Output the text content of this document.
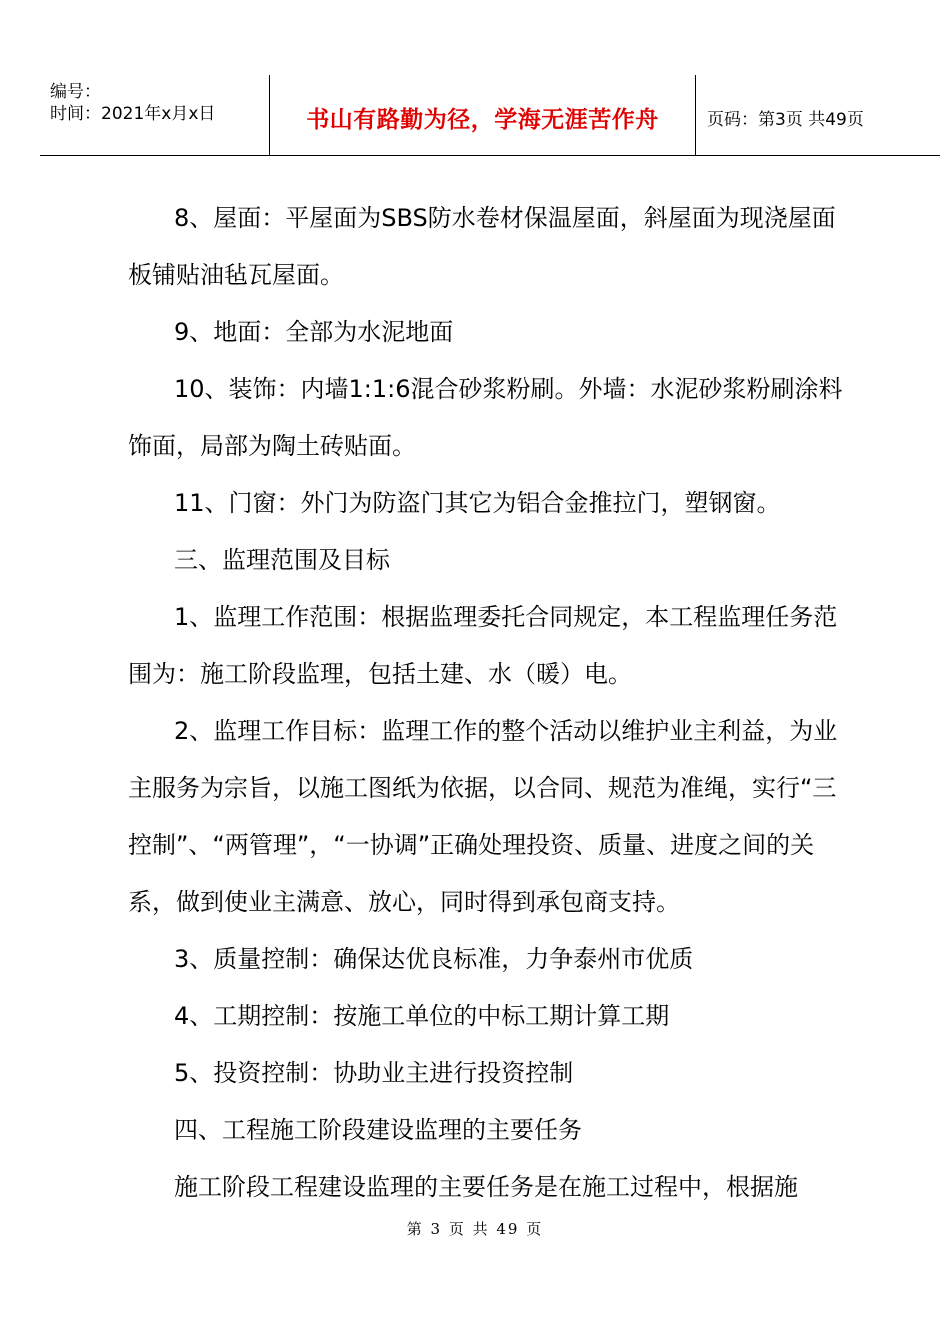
编号：
时间：2021年x月x日	书山有路勤为径，学海无涯苦作舟	页码：第3页 共49页

8、屋面：平屋面为SBS防水卷材保温屋面，斜屋面为现浇屋面板铺贴油毡瓦屋面。

9、地面：全部为水泥地面

10、装饰：内墙1:1:6混合砂浆粉刷。外墙：水泥砂浆粉刷涂料饰面，局部为陶土砖贴面。

11、门窗：外门为防盗门其它为铝合金推拉门，塑钢窗。

三、监理范围及目标

1、监理工作范围：根据监理委托合同规定，本工程监理任务范围为：施工阶段监理，包括土建、水（暖）电。

2、监理工作目标：监理工作的整个活动以维护业主利益，为业主服务为宗旨，以施工图纸为依据，以合同、规范为准绳，实行“三控制”、“两管理”，“一协调”正确处理投资、质量、进度之间的关系，做到使业主满意、放心，同时得到承包商支持。

3、质量控制：确保达优良标准，力争泰州市优质

4、工期控制：按施工单位的中标工期计算工期

5、投资控制：协助业主进行投资控制

四、工程施工阶段建设监理的主要任务

施工阶段工程建设监理的主要任务是在施工过程中，根据施

第 3 页 共 49 页
